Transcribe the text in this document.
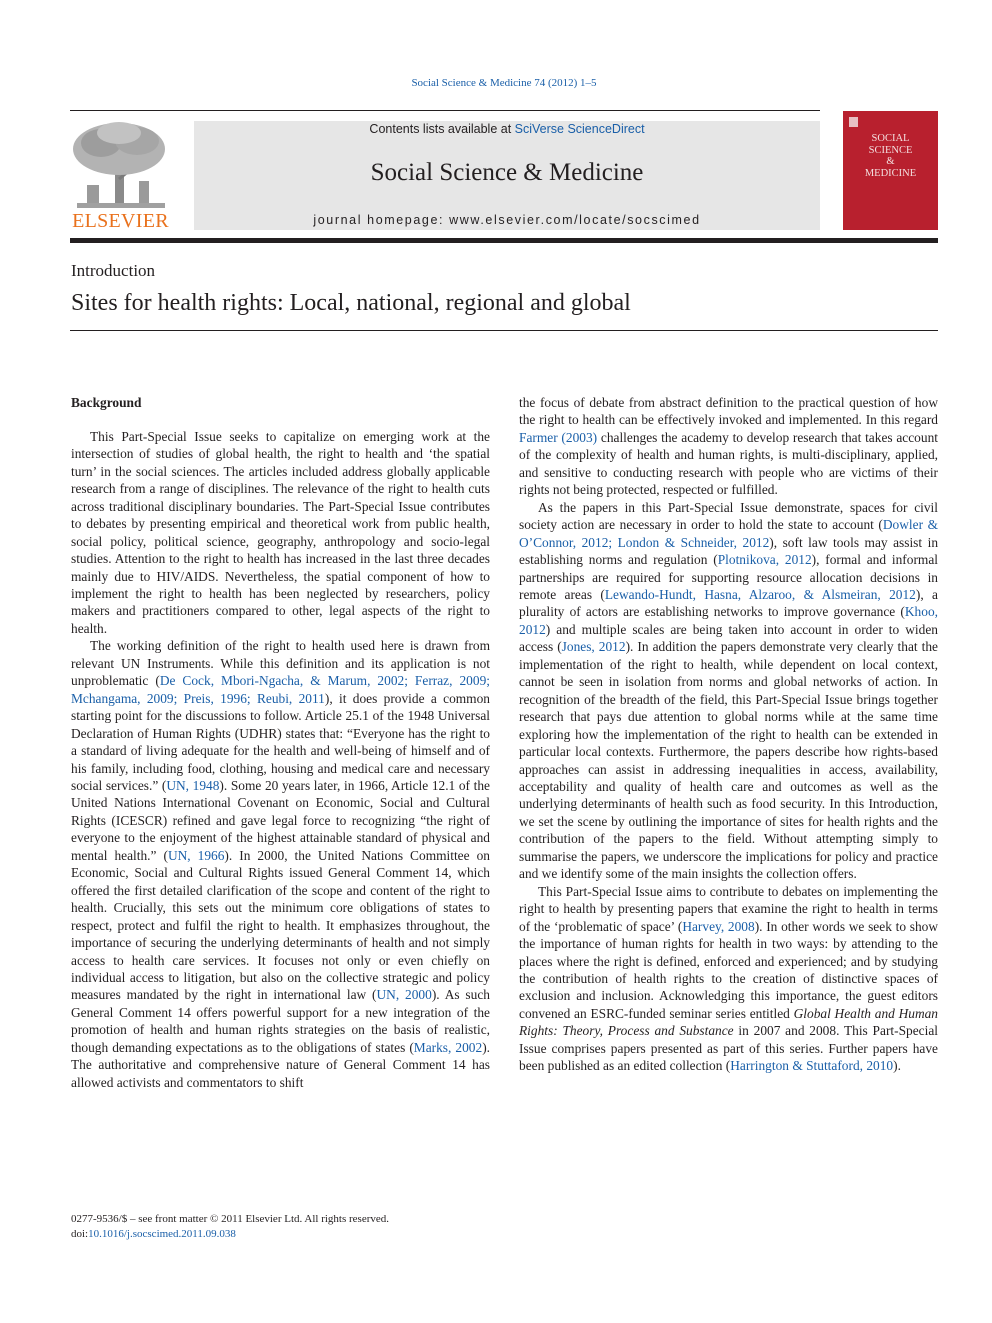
Social Science & Medicine 74 (2012) 1–5
ELSEVIER
Contents lists available at SciVerse ScienceDirect
Social Science & Medicine
journal homepage: www.elsevier.com/locate/socscimed
SOCIAL
SCIENCE
&
MEDICINE
Introduction
Sites for health rights: Local, national, regional and global
Background

This Part-Special Issue seeks to capitalize on emerging work at the intersection of studies of global health, the right to health and ‘the spatial turn’ in the social sciences. The articles included address globally applicable research from a range of disciplines. The relevance of the right to health cuts across traditional disciplinary boundaries. The Part-Special Issue contributes to debates by presenting empirical and theoretical work from public health, social policy, political science, geography, anthropology and socio-legal studies. Attention to the right to health has increased in the last three decades mainly due to HIV/AIDS. Nevertheless, the spatial component of how to implement the right to health has been neglected by researchers, policy makers and practitioners compared to other, legal aspects of the right to health.

The working definition of the right to health used here is drawn from relevant UN Instruments. While this definition and its application is not unproblematic (De Cock, Mbori-Ngacha, & Marum, 2002; Ferraz, 2009; Mchangama, 2009; Preis, 1996; Reubi, 2011), it does provide a common starting point for the discussions to follow. Article 25.1 of the 1948 Universal Declaration of Human Rights (UDHR) states that: “Everyone has the right to a standard of living adequate for the health and well-being of himself and of his family, including food, clothing, housing and medical care and necessary social services.” (UN, 1948). Some 20 years later, in 1966, Article 12.1 of the United Nations International Covenant on Economic, Social and Cultural Rights (ICESCR) refined and gave legal force to recognizing “the right of everyone to the enjoyment of the highest attainable standard of physical and mental health.” (UN, 1966). In 2000, the United Nations Committee on Economic, Social and Cultural Rights issued General Comment 14, which offered the first detailed clarification of the scope and content of the right to health. Crucially, this sets out the minimum core obligations of states to respect, protect and fulfil the right to health. It emphasizes throughout, the importance of securing the underlying determinants of health and not simply access to health care services. It focuses not only or even chiefly on individual access to litigation, but also on the collective strategic and policy measures mandated by the right in international law (UN, 2000). As such General Comment 14 offers powerful support for a new integration of the promotion of health and human rights strategies on the basis of realistic, though demanding expectations as to the obligations of states (Marks, 2002). The authoritative and comprehensive nature of General Comment 14 has allowed activists and commentators to shift

the focus of debate from abstract definition to the practical question of how the right to health can be effectively invoked and implemented. In this regard Farmer (2003) challenges the academy to develop research that takes account of the complexity of health and human rights, is multi-disciplinary, applied, and sensitive to conducting research with people who are victims of their rights not being protected, respected or fulfilled.

As the papers in this Part-Special Issue demonstrate, spaces for civil society action are necessary in order to hold the state to account (Dowler & O’Connor, 2012; London & Schneider, 2012), soft law tools may assist in establishing norms and regulation (Plotnikova, 2012), formal and informal partnerships are required for supporting resource allocation decisions in remote areas (Lewando-Hundt, Hasna, Alzaroo, & Alsmeiran, 2012), a plurality of actors are establishing networks to improve governance (Khoo, 2012) and multiple scales are being taken into account in order to widen access (Jones, 2012). In addition the papers demonstrate very clearly that the implementation of the right to health, while dependent on local context, cannot be seen in isolation from norms and global networks of action. In recognition of the breadth of the field, this Part-Special Issue brings together research that pays due attention to global norms while at the same time exploring how the implementation of the right to health can be extended in particular local contexts. Furthermore, the papers describe how rights-based approaches can assist in addressing inequalities in access, availability, acceptability and quality of health care and outcomes as well as the underlying determinants of health such as food security. In this Introduction, we set the scene by outlining the importance of sites for health rights and the contribution of the papers to the field. Without attempting simply to summarise the papers, we underscore the implications for policy and practice and we identify some of the main insights the collection offers.

This Part-Special Issue aims to contribute to debates on implementing the right to health by presenting papers that examine the right to health in terms of the ‘problematic of space’ (Harvey, 2008). In other words we seek to show the importance of human rights for health in two ways: by attending to the places where the right is defined, enforced and experienced; and by studying the contribution of health rights to the creation of distinctive spaces of exclusion and inclusion. Acknowledging this importance, the guest editors convened an ESRC-funded seminar series entitled Global Health and Human Rights: Theory, Process and Substance in 2007 and 2008. This Part-Special Issue comprises papers presented as part of this series. Further papers have been published as an edited collection (Harrington & Stuttaford, 2010).

0277-9536/$ – see front matter © 2011 Elsevier Ltd. All rights reserved.
doi:10.1016/j.socscimed.2011.09.038
